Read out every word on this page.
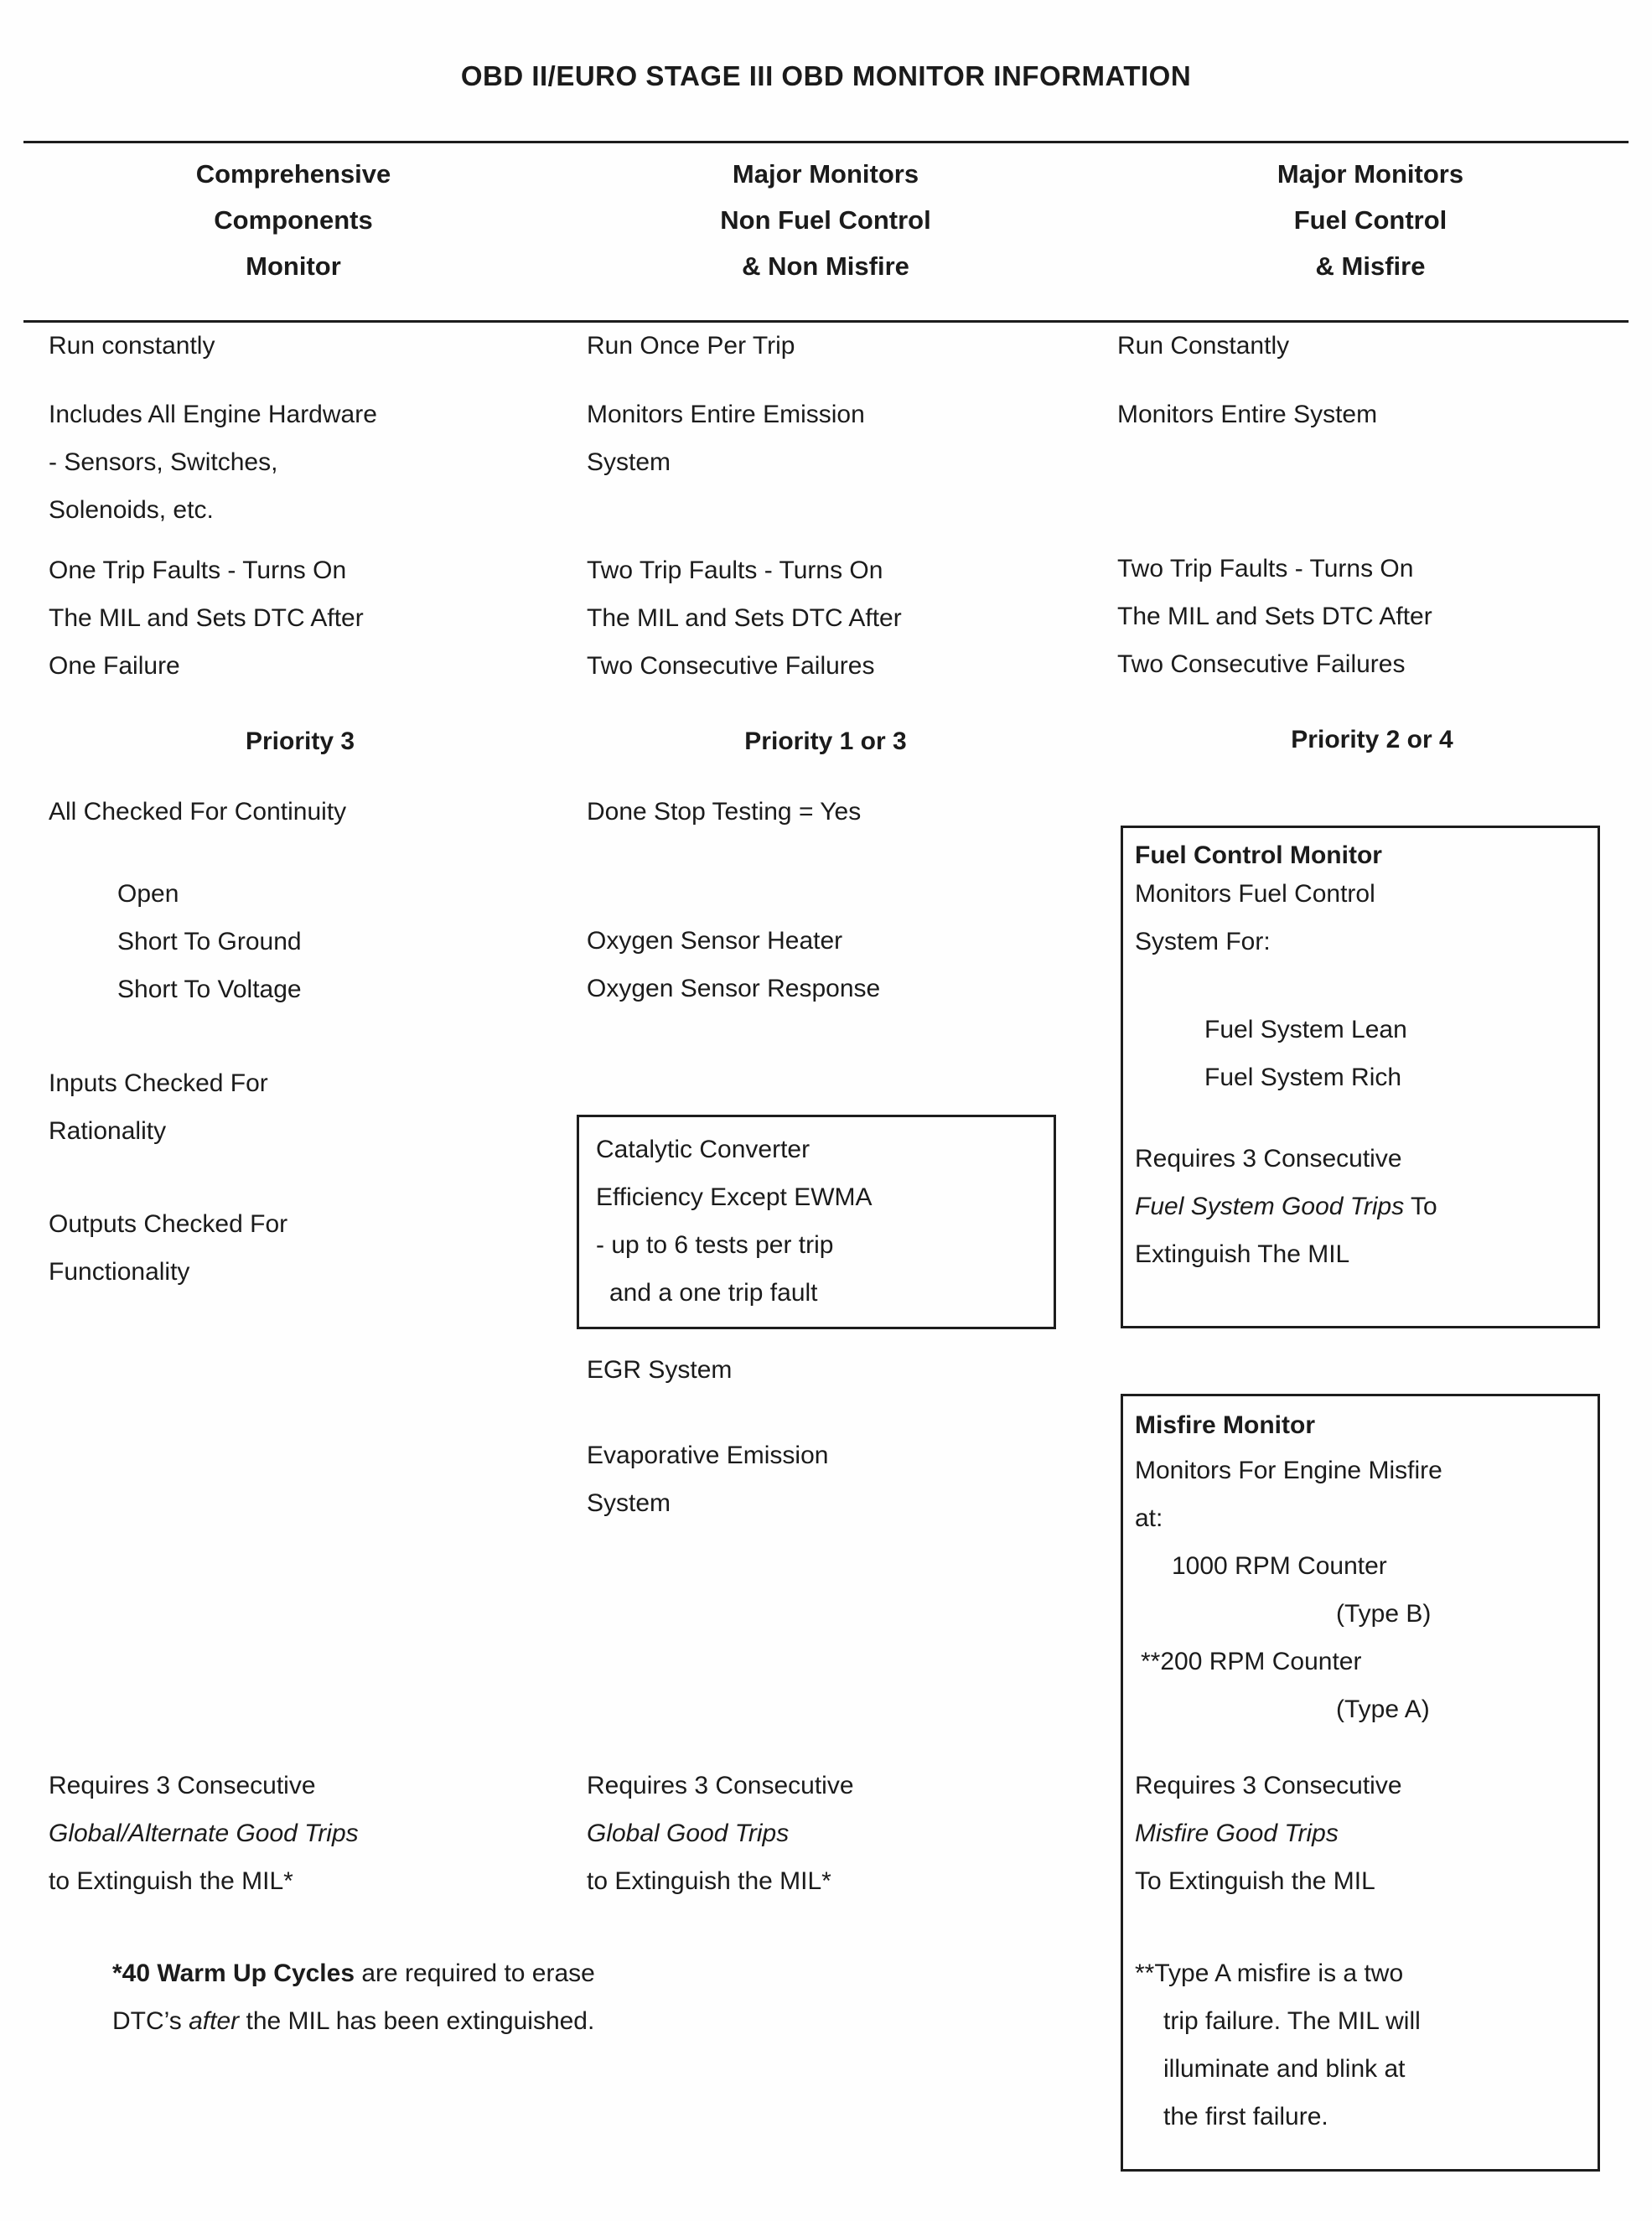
OBD II/EURO STAGE III OBD MONITOR INFORMATION
Comprehensive
Components
Monitor
Major Monitors
Non Fuel Control
& Non Misfire
Major Monitors
Fuel Control
& Misfire
Run constantly
Includes All Engine Hardware
- Sensors, Switches,
Solenoids, etc.
One Trip Faults - Turns On
The MIL and Sets DTC After
One Failure
Priority 3
All Checked For Continuity
Open
Short To Ground
Short To Voltage
Inputs Checked For
Rationality
Outputs Checked For
Functionality
Requires 3 Consecutive
Global/Alternate Good Trips
to Extinguish the MIL*
*40 Warm Up Cycles are required to erase
DTC’s after the MIL has been extinguished.
Run Once Per Trip
Monitors Entire Emission
System
Two Trip Faults - Turns On
The MIL and Sets DTC After
Two Consecutive Failures
Priority 1 or 3
Done Stop Testing = Yes
Oxygen Sensor Heater
Oxygen Sensor Response
Catalytic Converter
Efficiency Except EWMA
- up to 6 tests per trip
and a one trip fault
EGR System
Evaporative Emission
System
Requires 3 Consecutive
Global Good Trips
to Extinguish the MIL*
Run Constantly
Monitors Entire System
Two Trip Faults - Turns On
The MIL and Sets DTC After
Two Consecutive Failures
Priority 2 or 4
Fuel Control Monitor
Monitors Fuel Control
System For:
Fuel System Lean
Fuel System Rich
Requires 3 Consecutive
Fuel System Good Trips To
Extinguish The MIL
Misfire Monitor
Monitors For Engine Misfire
at:
1000 RPM Counter
(Type B)
**200 RPM Counter
(Type A)
Requires 3 Consecutive
Misfire Good Trips
To Extinguish the MIL
**Type A misfire is a two
trip failure. The MIL will
illuminate and blink at
the first failure.
